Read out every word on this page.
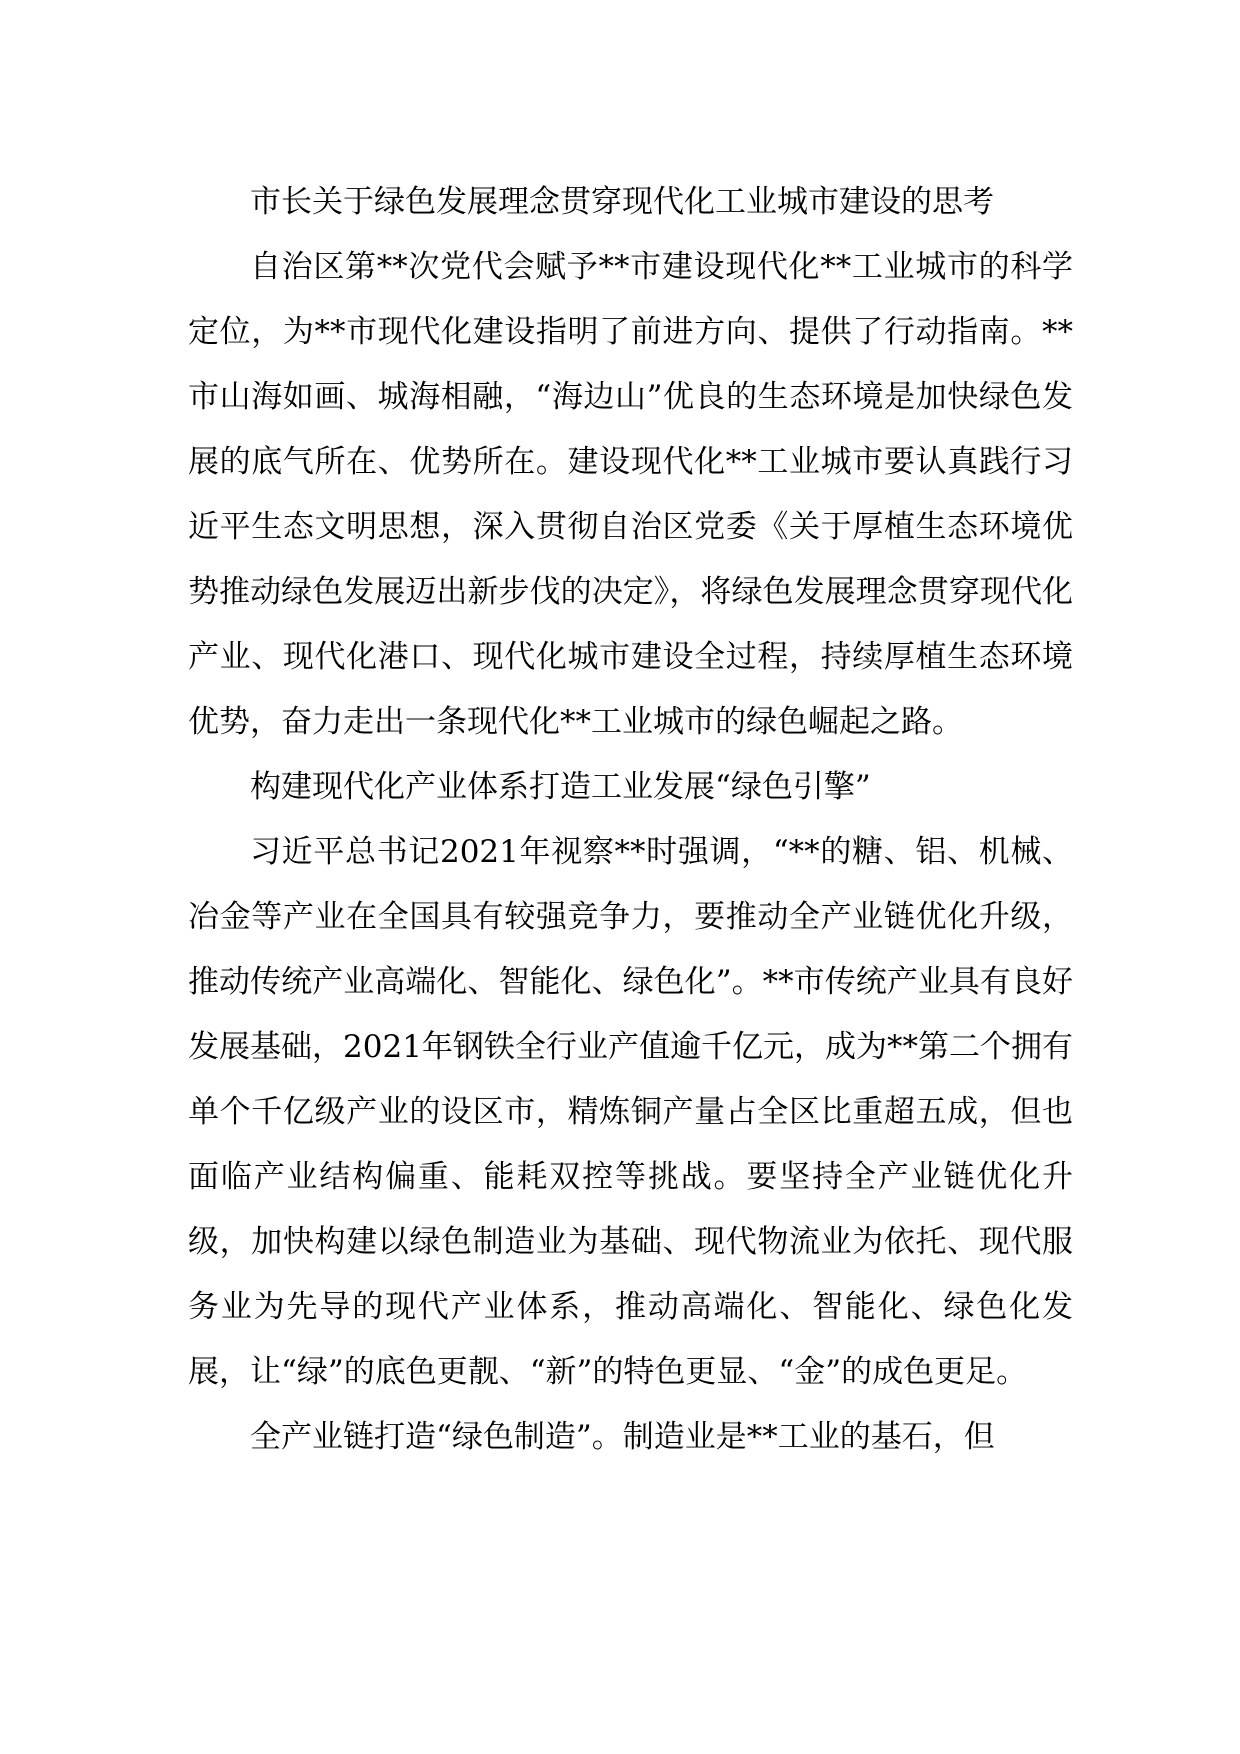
市长关于绿色发展理念贯穿现代化工业城市建设的思考

自治区第**次党代会赋予**市建设现代化**工业城市的科学定位，为**市现代化建设指明了前进方向、提供了行动指南。**市山海如画、城海相融，“海边山”优良的生态环境是加快绿色发展的底气所在、优势所在。建设现代化**工业城市要认真践行习近平生态文明思想，深入贯彻自治区党委《关于厚植生态环境优势推动绿色发展迈出新步伐的决定》，将绿色发展理念贯穿现代化产业、现代化港口、现代化城市建设全过程，持续厚植生态环境优势，奋力走出一条现代化**工业城市的绿色崛起之路。

构建现代化产业体系打造工业发展“绿色引擎”

习近平总书记2021年视察**时强调，“**的糖、铝、机械、冶金等产业在全国具有较强竞争力，要推动全产业链优化升级，推动传统产业高端化、智能化、绿色化”。**市传统产业具有良好发展基础，2021年钢铁全行业产值逾千亿元，成为**第二个拥有单个千亿级产业的设区市，精炼铜产量占全区比重超五成，但也面临产业结构偏重、能耗双控等挑战。要坚持全产业链优化升级，加快构建以绿色制造业为基础、现代物流业为依托、现代服务业为先导的现代产业体系，推动高端化、智能化、绿色化发展，让“绿”的底色更靓、“新”的特色更显、“金”的成色更足。

全产业链打造“绿色制造”。制造业是**工业的基石，但
